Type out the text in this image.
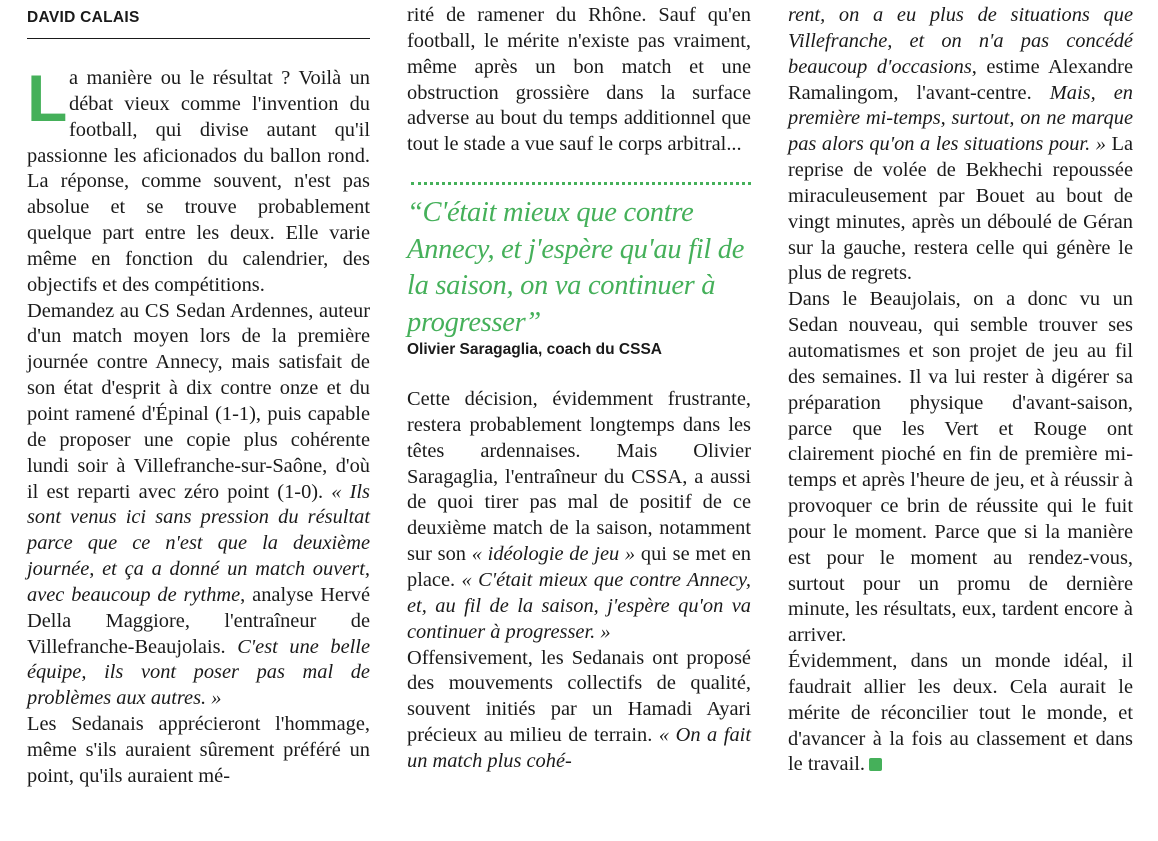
DAVID CALAIS

La manière ou le résultat ? Voilà un débat vieux comme l'invention du football, qui divise autant qu'il passionne les aficionados du ballon rond. La réponse, comme souvent, n'est pas absolue et se trouve probablement quelque part entre les deux. Elle varie même en fonction du calendrier, des objectifs et des compétitions.

Demandez au CS Sedan Ardennes, auteur d'un match moyen lors de la première journée contre Annecy, mais satisfait de son état d'esprit à dix contre onze et du point ramené d'Épinal (1-1), puis capable de proposer une copie plus cohérente lundi soir à Villefranche-sur-Saône, d'où il est reparti avec zéro point (1-0). « Ils sont venus ici sans pression du résultat parce que ce n'est que la deuxième journée, et ça a donné un match ouvert, avec beaucoup de rythme, analyse Hervé Della Maggiore, l'entraîneur de Villefranche-Beaujolais. C'est une belle équipe, ils vont poser pas mal de problèmes aux autres. »

Les Sedanais apprécieront l'hommage, même s'ils auraient sûrement préféré un point, qu'ils auraient mé-

rité de ramener du Rhône. Sauf qu'en football, le mérite n'existe pas vraiment, même après un bon match et une obstruction grossière dans la surface adverse au bout du temps additionnel que tout le stade a vue sauf le corps arbitral...

“C'était mieux que contre Annecy, et j'espère qu'au fil de la saison, on va continuer à progresser”
Olivier Saragaglia, coach du CSSA

Cette décision, évidemment frustrante, restera probablement longtemps dans les têtes ardennaises. Mais Olivier Saragaglia, l'entraîneur du CSSA, a aussi de quoi tirer pas mal de positif de ce deuxième match de la saison, notamment sur son « idéologie de jeu » qui se met en place. « C'était mieux que contre Annecy, et, au fil de la saison, j'espère qu'on va continuer à progresser. »

Offensivement, les Sedanais ont proposé des mouvements collectifs de qualité, souvent initiés par un Hamadi Ayari précieux au milieu de terrain. « On a fait un match plus cohé-

rent, on a eu plus de situations que Villefranche, et on n'a pas concédé beaucoup d'occasions, estime Alexandre Ramalingom, l'avant-centre. Mais, en première mi-temps, surtout, on ne marque pas alors qu'on a les situations pour. » La reprise de volée de Bekhechi repoussée miraculeusement par Bouet au bout de vingt minutes, après un déboulé de Géran sur la gauche, restera celle qui génère le plus de regrets.

Dans le Beaujolais, on a donc vu un Sedan nouveau, qui semble trouver ses automatismes et son projet de jeu au fil des semaines. Il va lui rester à digérer sa préparation physique d'avant-saison, parce que les Vert et Rouge ont clairement pioché en fin de première mi-temps et après l'heure de jeu, et à réussir à provoquer ce brin de réussite qui le fuit pour le moment. Parce que si la manière est pour le moment au rendez-vous, surtout pour un promu de dernière minute, les résultats, eux, tardent encore à arriver.

Évidemment, dans un monde idéal, il faudrait allier les deux. Cela aurait le mérite de réconcilier tout le monde, et d'avancer à la fois au classement et dans le travail.
